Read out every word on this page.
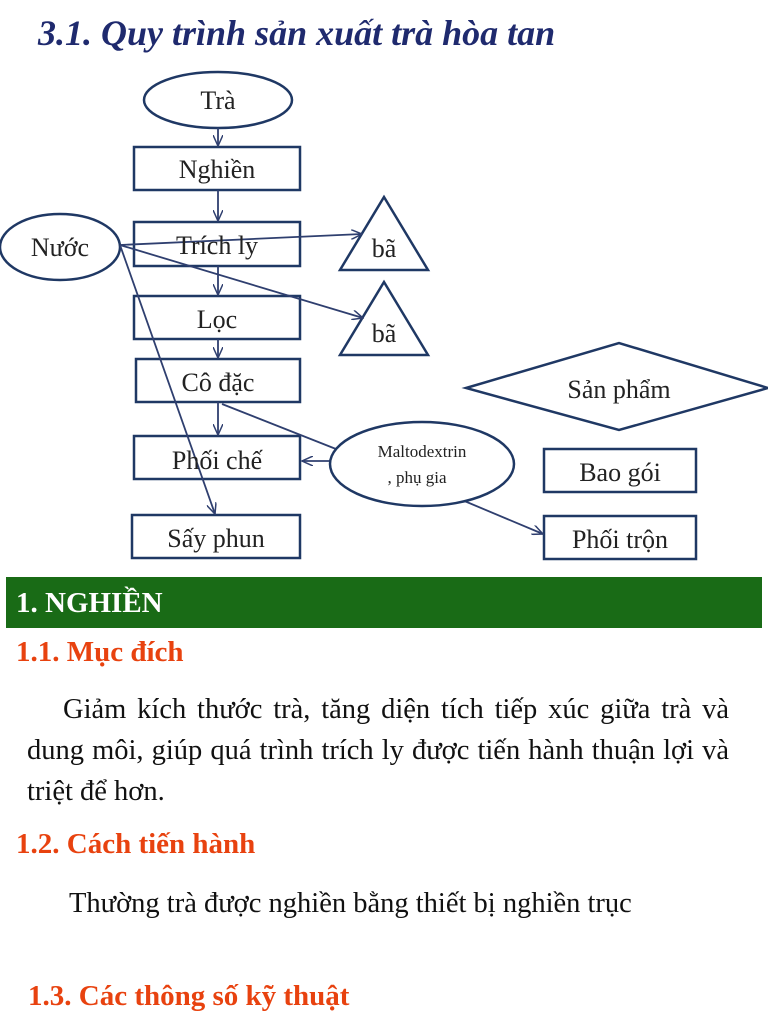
3.1. Quy trình sản xuất trà hòa tan
Trà
Nghiền
Trích ly
Nước	bã
bã
Lọc
Cô đặc	Sản phẩm
Phối chế	Bao gói
Sấy phun	Phối trộn
Maltodextrin
, phụ gia
1. NGHIỀN
1.1. Mục đích
Giảm kích thước trà, tăng diện tích tiếp xúc giữa trà và dung môi, giúp quá trình trích ly được tiến hành thuận lợi và triệt để hơn.
1.2. Cách tiến hành
Thường trà được nghiền bằng thiết bị nghiền trục
1.3. Các thông số kỹ thuật
